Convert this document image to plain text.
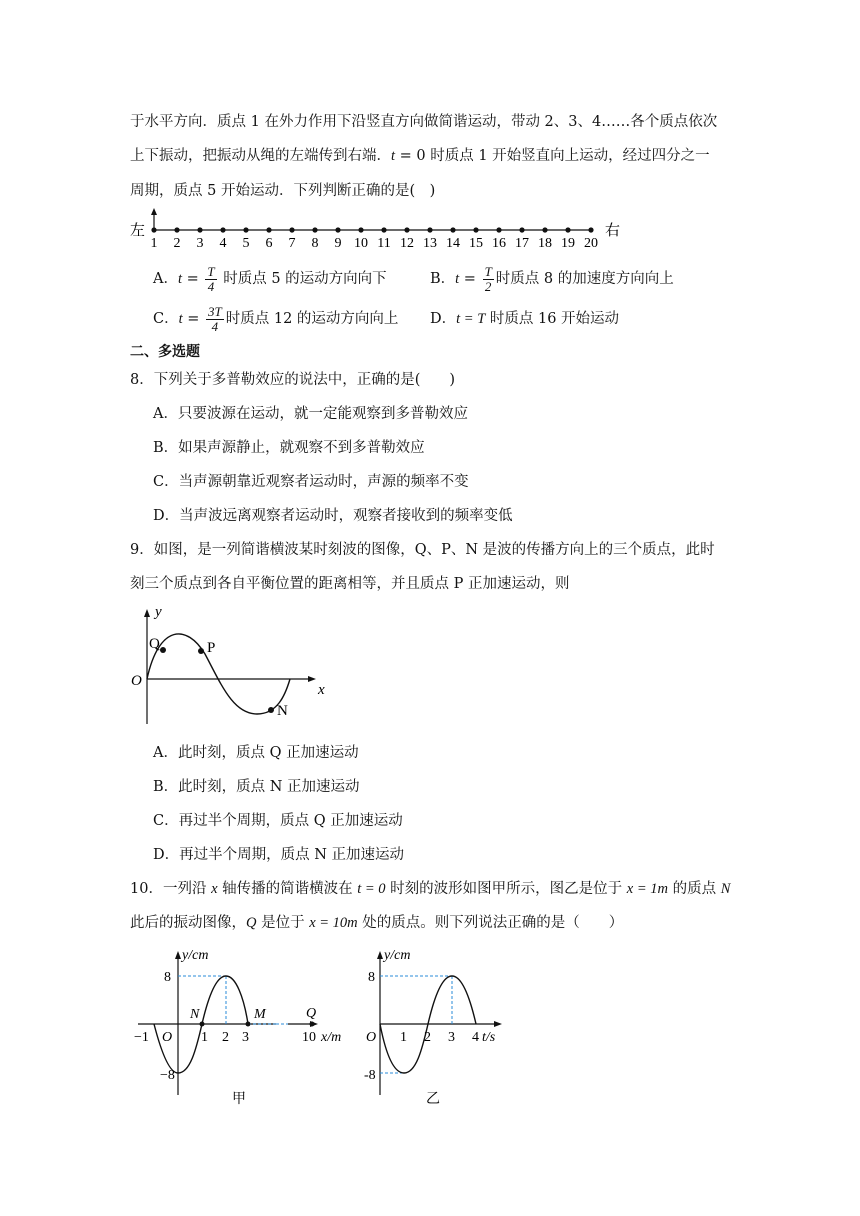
于水平方向．质点 1 在外力作用下沿竖直方向做简谐运动，带动 2、3、4……各个质点依次
上下振动，把振动从绳的左端传到右端．t = 0 时质点 1 开始竖直向上运动，经过四分之一
周期，质点 5 开始运动．下列判断正确的是(　)
左
1 2 3 4 5 6 7 8 9 10 11 12 13 14 15 16 17 18 19 20
右
A．$t = \frac{T}{4}$ 时质点 5 的运动方向向下	B．$t = \frac{T}{2}$ 时质点 8 的加速度方向向上
C．$t = \frac{3T}{4}$ 时质点 12 的运动方向向上 D．t = T 时质点 16 开始运动
二、多选题
8．下列关于多普勒效应的说法中，正确的是(　　)
A．只要波源在运动，就一定能观察到多普勒效应
B．如果声源静止，就观察不到多普勒效应
C．当声源朝靠近观察者运动时，声源的频率不变
D．当声波远离观察者运动时，观察者接收到的频率变低
9．如图，是一列简谐横波某时刻波的图像，Q、P、N 是波的传播方向上的三个质点，此时
刻三个质点到各自平衡位置的距离相等，并且质点 P 正加速运动，则
y
x
O
Q	P
N
A．此时刻，质点 Q 正加速运动
B．此时刻，质点 N 正加速运动
C．再过半个周期，质点 Q 正加速运动
D．再过半个周期，质点 N 正加速运动
10．一列沿 x 轴传播的简谐横波在 t = 0 时刻的波形如图甲所示，图乙是位于 x = 1m 的质点 N
此后的振动图像，Q 是位于 x = 10m 处的质点。则下列说法正确的是（　　）
y/cm
8
−8
−1 O 1 2 3	10 x/m
N	M	Q
甲
y/cm
8
-8
O 1 2 3 4 t/s
乙
